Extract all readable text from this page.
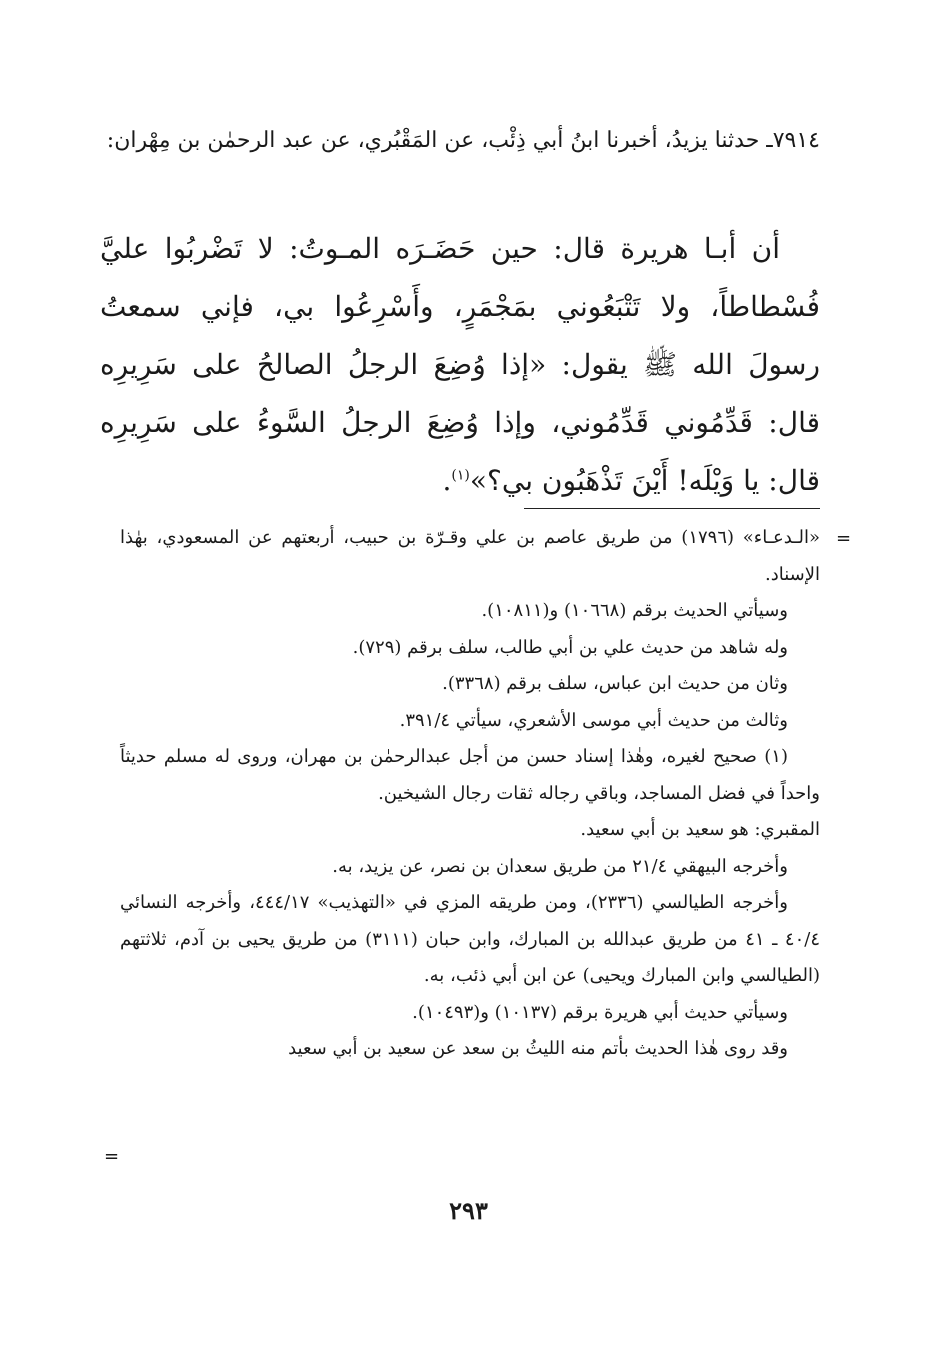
٧٩١٤ـ حدثنا يزيدُ، أخبرنا ابنُ أبي ذِئْب، عن المَقْبُري، عن عبد الرحمٰن بن مِهْران:
أن أبـا هريرة قال: حين حَضَـرَه المـوتُ: لا تَضْربُوا عليَّ فُسْطاطاً، ولا تَتْبَعُوني بمَجْمَرٍ، وأَسْرِعُوا بي، فإني سمعتُ رسولَ الله ﷺ يقول: «إذا وُضِعَ الرجلُ الصالحُ على سَرِيرِه قال: قَدِّمُوني قَدِّمُوني، وإذا وُضِعَ الرجلُ السَّوءُ على سَرِيرِه قال: يا وَيْلَه! أَيْنَ تَذْهَبُون بي؟»$^{(١)}$.
=

«الـدعـاء» (١٧٩٦) من طريق عاصم بن علي وقـرّة بن حبيب، أربعتهم عن المسعودي، بهٰذا الإسناد.

وسيأتي الحديث برقم (١٠٦٦٨) و(١٠٨١١).

وله شاهد من حديث علي بن أبي طالب، سلف برقم (٧٢٩).

وثان من حديث ابن عباس، سلف برقم (٣٣٦٨).

وثالث من حديث أبي موسى الأشعري، سيأتي ٣٩١/٤.

(١) صحيح لغيره، وهٰذا إسناد حسن من أجل عبدالرحمٰن بن مهران، وروى له مسلم حديثاً واحداً في فضل المساجد، وباقي رجاله ثقات رجال الشيخين.

المقبري: هو سعيد بن أبي سعيد.

وأخرجه البيهقي ٢١/٤ من طريق سعدان بن نصر، عن يزيد، به.

وأخرجه الطيالسي (٢٣٣٦)، ومن طريقه المزي في «التهذيب» ٤٤٤/١٧، وأخرجه النسائي ٤٠/٤ ـ ٤١ من طريق عبدالله بن المبارك، وابن حبان (٣١١١) من طريق يحيى بن آدم، ثلاثتهم (الطيالسي وابن المبارك ويحيى) عن ابن أبي ذئب، به.

وسيأتي حديث أبي هريرة برقم (١٠١٣٧) و(١٠٤٩٣).

وقد روى هٰذا الحديث بأتم منه الليثُ بن سعد عن سعيد بن أبي سعيد

=
٢٩٣
